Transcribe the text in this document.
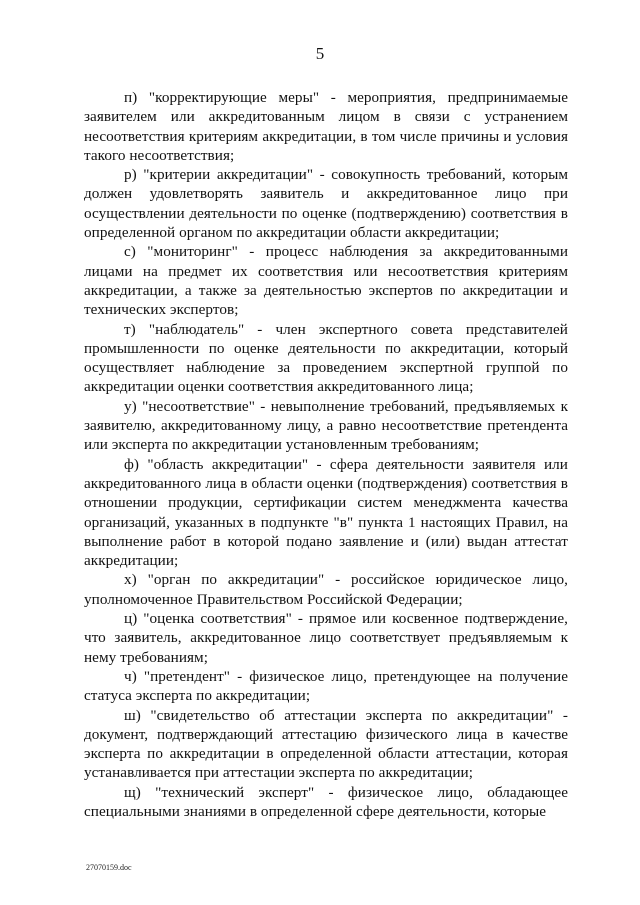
5

п) "корректирующие меры" - мероприятия, предпринимаемые заявителем или аккредитованным лицом в связи с устранением несоответствия критериям аккредитации, в том числе причины и условия такого несоответствия;

р) "критерии аккредитации" - совокупность требований, которым должен удовлетворять заявитель и аккредитованное лицо при осуществлении деятельности по оценке (подтверждению) соответствия в определенной органом по аккредитации области аккредитации;

с) "мониторинг" - процесс наблюдения за аккредитованными лицами на предмет их соответствия или несоответствия критериям аккредитации, а также за деятельностью экспертов по аккредитации и технических экспертов;

т) "наблюдатель" - член экспертного совета представителей промышленности по оценке деятельности по аккредитации, который осуществляет наблюдение за проведением экспертной группой по аккредитации оценки соответствия аккредитованного лица;

у) "несоответствие" - невыполнение требований, предъявляемых к заявителю, аккредитованному лицу, а равно несоответствие претендента или эксперта по аккредитации установленным требованиям;

ф) "область аккредитации" - сфера деятельности заявителя или аккредитованного лица в области оценки (подтверждения) соответствия в отношении продукции, сертификации систем менеджмента качества организаций, указанных в подпункте "в" пункта 1 настоящих Правил, на выполнение работ в которой подано заявление и (или) выдан аттестат аккредитации;

х) "орган по аккредитации" - российское юридическое лицо, уполномоченное Правительством Российской Федерации;

ц) "оценка соответствия" - прямое или косвенное подтверждение, что заявитель, аккредитованное лицо соответствует предъявляемым к нему требованиям;

ч) "претендент" - физическое лицо, претендующее на получение статуса эксперта по аккредитации;

ш) "свидетельство об аттестации эксперта по аккредитации" - документ, подтверждающий аттестацию физического лица в качестве эксперта по аккредитации в определенной области аттестации, которая устанавливается при аттестации эксперта по аккредитации;

щ) "технический эксперт" - физическое лицо, обладающее специальными знаниями в определенной сфере деятельности, которые

27070159.doc
